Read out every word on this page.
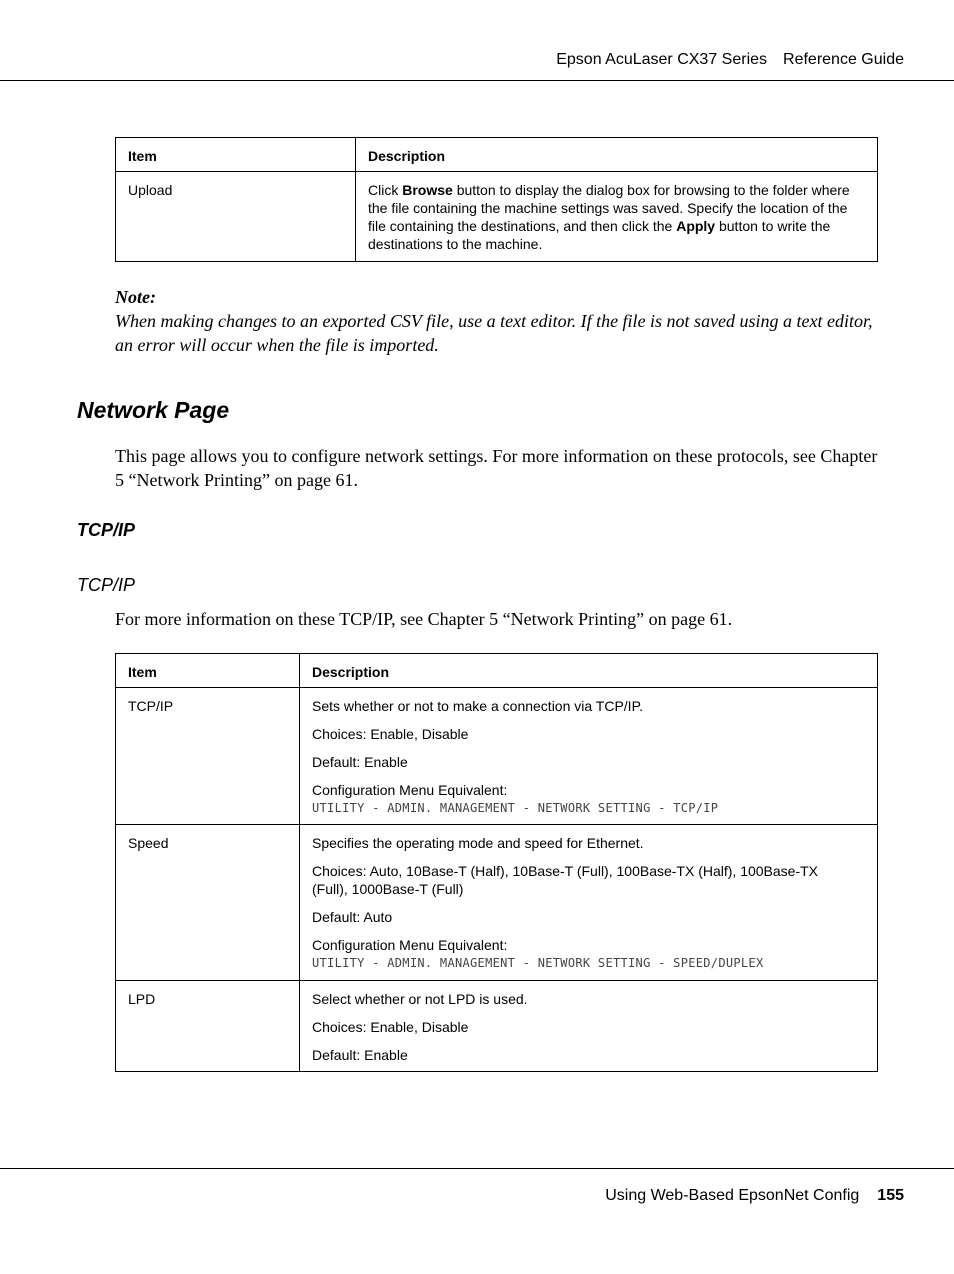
Epson AcuLaser CX37 Series Reference Guide
Item	Description
Upload	Click Browse button to display the dialog box for browsing to the folder where the file containing the machine settings was saved. Specify the location of the file containing the destinations, and then click the Apply button to write the destinations to the machine.
Note:
When making changes to an exported CSV file, use a text editor. If the file is not saved using a text editor, an error will occur when the file is imported.
Network Page
This page allows you to configure network settings. For more information on these protocols, see Chapter 5 “Network Printing” on page 61.
TCP/IP
TCP/IP
For more information on these TCP/IP, see Chapter 5 “Network Printing” on page 61.
Item	Description
TCP/IP	Sets whether or not to make a connection via TCP/IP.

Choices: Enable, Disable

Default: Enable

Configuration Menu Equivalent:
UTILITY - ADMIN. MANAGEMENT - NETWORK SETTING - TCP/IP

Speed	Specifies the operating mode and speed for Ethernet.

Choices: Auto, 10Base-T (Half), 10Base-T (Full), 100Base-TX (Half), 100Base-TX (Full), 1000Base-T (Full)

Default: Auto

Configuration Menu Equivalent:
UTILITY - ADMIN. MANAGEMENT - NETWORK SETTING - SPEED/DUPLEX

LPD	Select whether or not LPD is used.

Choices: Enable, Disable

Default: Enable

Using Web-Based EpsonNet Config 155
